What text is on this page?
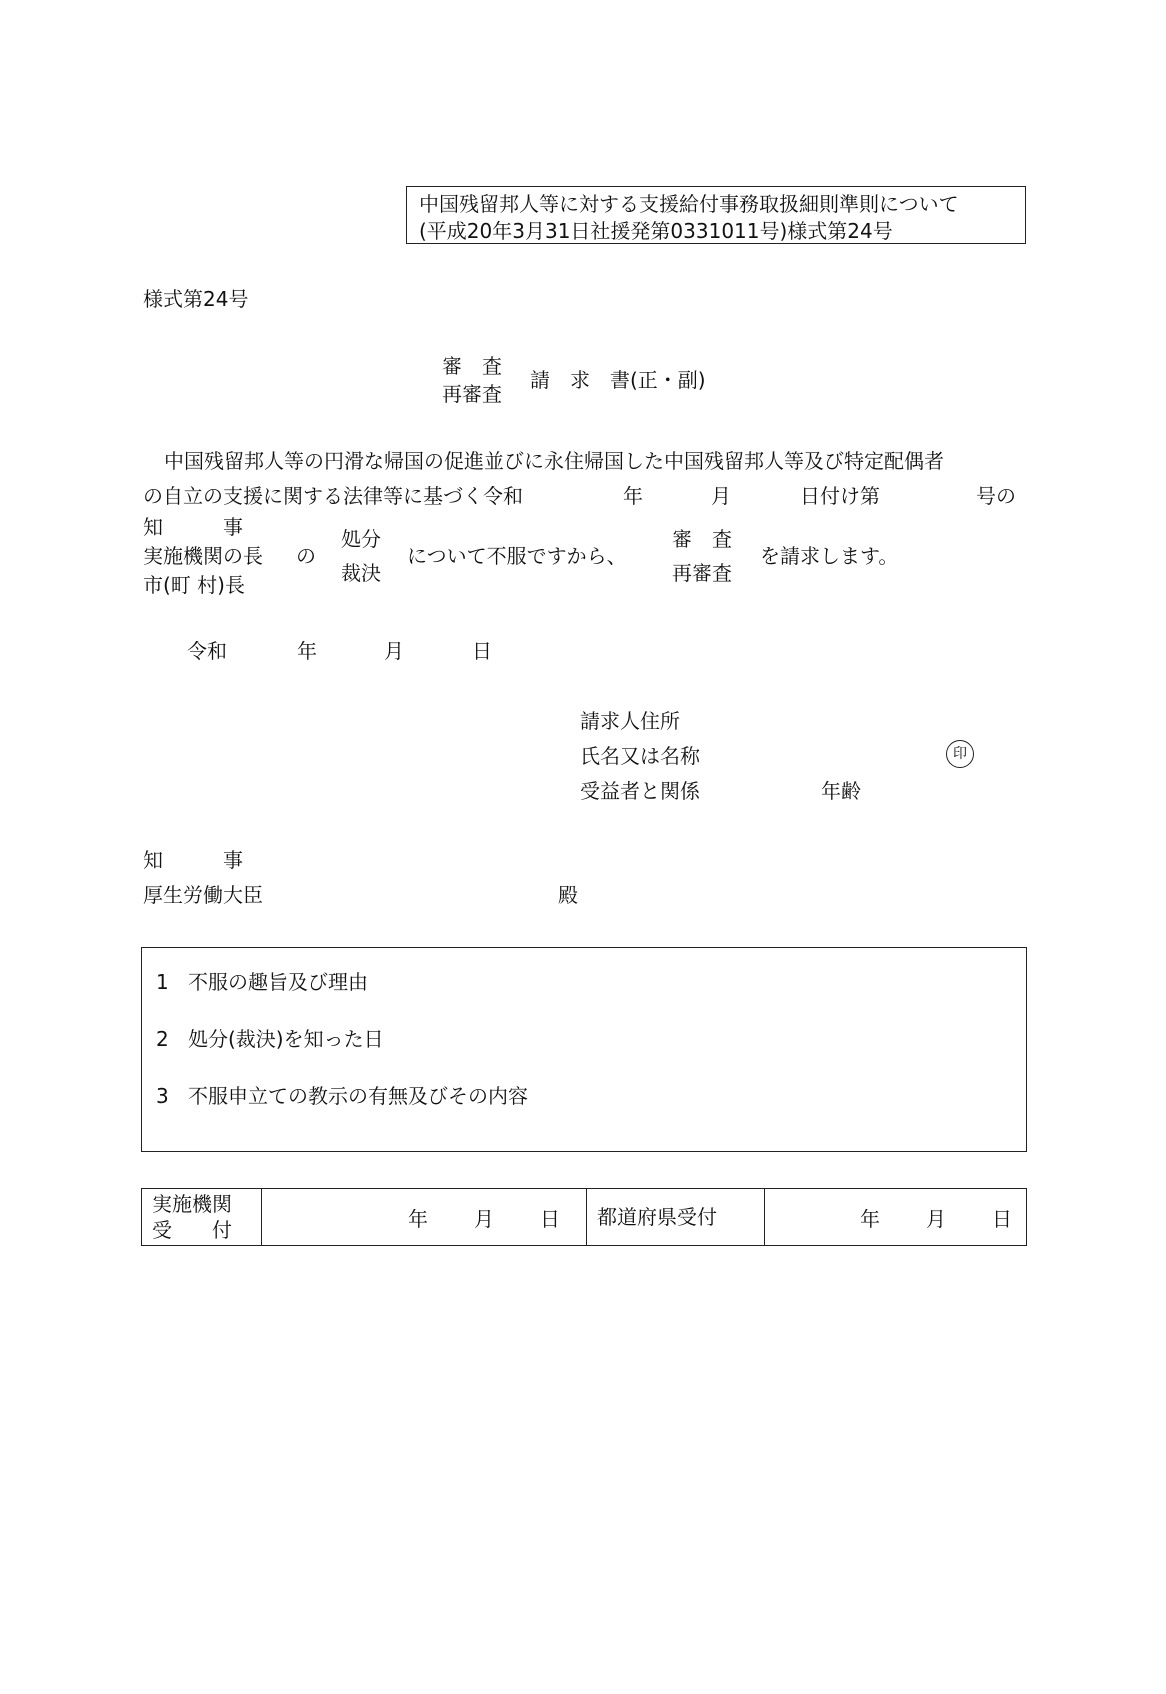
中国残留邦人等に対する支援給付事務取扱細則準則について
(平成20年3月31日社援発第0331011号)様式第24号
様式第24号
審　査
再審査
請　求　書(正・副)
中国残留邦人等の円滑な帰国の促進並びに永住帰国した中国残留邦人等及び特定配偶者
の自立の支援に関する法律等に基づく令和	年	月	日付け第	号の
知　　　事
実施機関の長
市(町 村)長
の
処分
裁決
について不服ですから、
審　査
再審査
を請求します。
令和	年	月	日
請求人住所
氏名又は名称	印
受益者と関係	年齢
知　　　事
厚生労働大臣	殿
1 不服の趣旨及び理由
2 処分(裁決)を知った日
3 不服申立ての教示の有無及びその内容
実施機関
受　　付	年 月 日	都道府県受付	年 月 日
